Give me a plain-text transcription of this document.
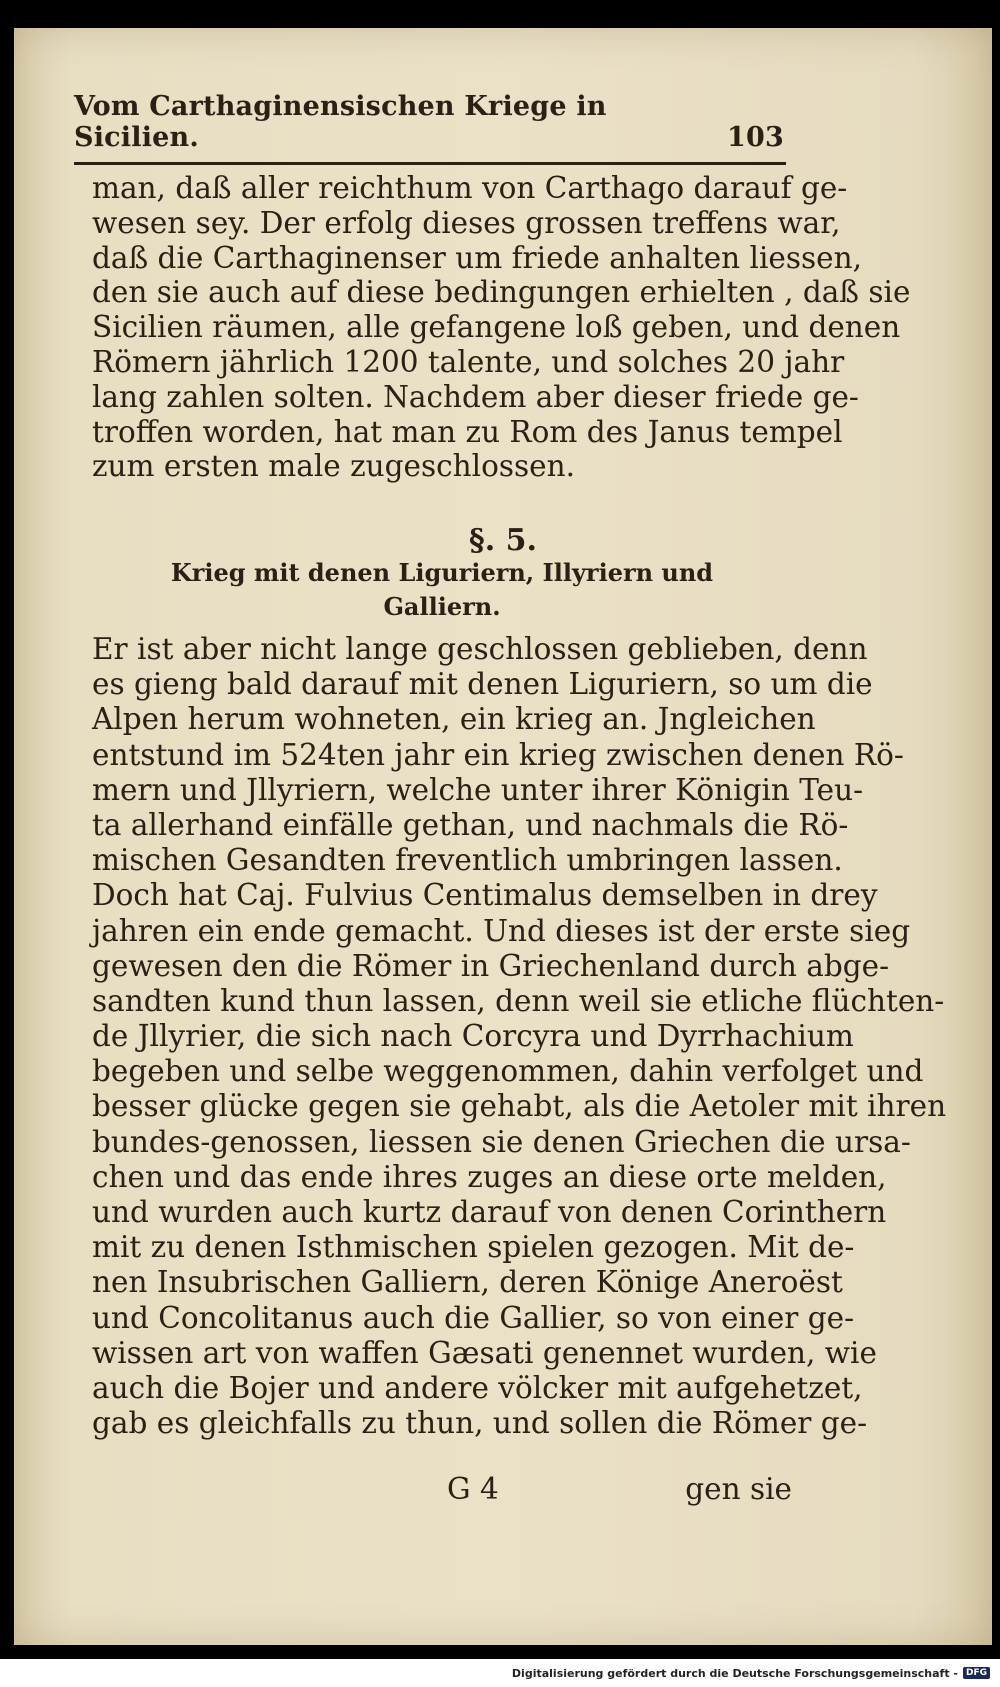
Vom Carthaginensischen Kriege in Sicilien.	103
man, daß aller reichthum von Carthago darauf ge-
wesen sey. Der erfolg dieses grossen treffens war,
daß die Carthaginenser um friede anhalten liessen,
den sie auch auf diese bedingungen erhielten , daß sie
Sicilien räumen, alle gefangene loß geben, und denen
Römern jährlich 1200 talente, und solches 20 jahr
lang zahlen solten. Nachdem aber dieser friede ge-
troffen worden, hat man zu Rom des Janus tempel
zum ersten male zugeschlossen.
§. 5.
Krieg mit denen Liguriern, Illyriern und
Galliern.
Er ist aber nicht lange geschlossen geblieben, denn
es gieng bald darauf mit denen Liguriern, so um die
Alpen herum wohneten, ein krieg an. Jngleichen
entstund im 524ten jahr ein krieg zwischen denen Rö-
mern und Jllyriern, welche unter ihrer Königin Teu-
ta allerhand einfälle gethan, und nachmals die Rö-
mischen Gesandten freventlich umbringen lassen.
Doch hat Caj. Fulvius Centimalus demselben in drey
jahren ein ende gemacht. Und dieses ist der erste sieg
gewesen den die Römer in Griechenland durch abge-
sandten kund thun lassen, denn weil sie etliche flüchten-
de Jllyrier, die sich nach Corcyra und Dyrrhachium
begeben und selbe weggenommen, dahin verfolget und
besser glücke gegen sie gehabt, als die Aetoler mit ihren
bundes-genossen, liessen sie denen Griechen die ursa-
chen und das ende ihres zuges an diese orte melden,
und wurden auch kurtz darauf von denen Corinthern
mit zu denen Isthmischen spielen gezogen. Mit de-
nen Insubrischen Galliern, deren Könige Aneroëst
und Concolitanus auch die Gallier, so von einer ge-
wissen art von waffen Gæsati genennet wurden, wie
auch die Bojer und andere völcker mit aufgehetzet,
gab es gleichfalls zu thun, und sollen die Römer ge-
G 4	gen sie
Digitalisierung gefördert durch die Deutsche Forschungsgemeinschaft - DFG
